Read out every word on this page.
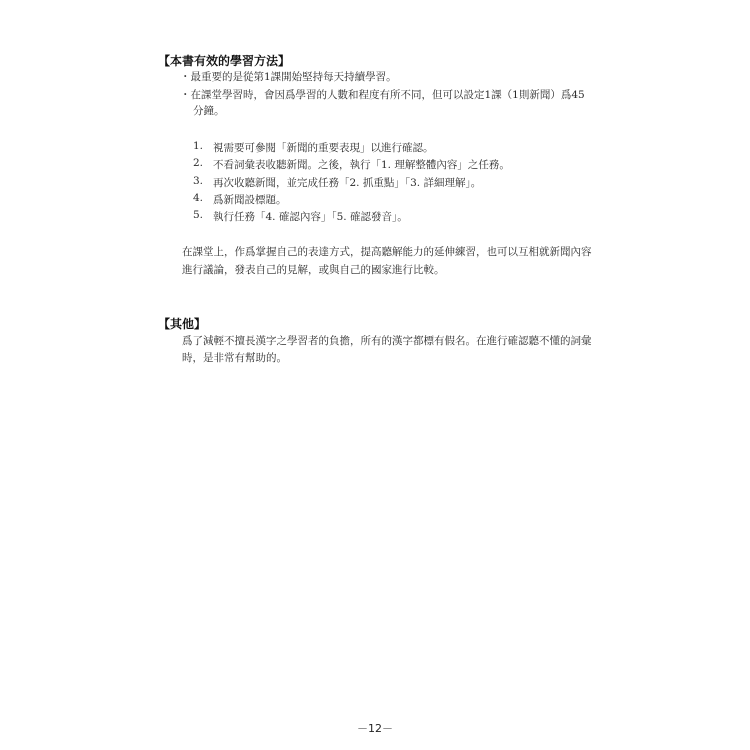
【本書有效的學習方法】
・最重要的是從第1課開始堅持每天持續學習。
・在課堂學習時，會因爲學習的人數和程度有所不同，但可以設定1課（1則新聞）爲45
分鐘。
1. 視需要可參閱「新聞的重要表現」以進行確認。
2. 不看詞彙表收聽新聞。之後，執行「1. 理解整體內容」之任務。
3. 再次收聽新聞，並完成任務「2. 抓重點」「3. 詳細理解」。
4. 爲新聞設標題。
5. 執行任務「4. 確認內容」「5. 確認發音」。
在課堂上，作爲掌握自己的表達方式，提高聽解能力的延伸練習，也可以互相就新聞內容
進行議論，發表自己的見解，或與自己的國家進行比較。
【其他】
爲了減輕不擅長漢字之學習者的負擔，所有的漢字都標有假名。在進行確認聽不懂的詞彙
時，是非常有幫助的。
－12－
